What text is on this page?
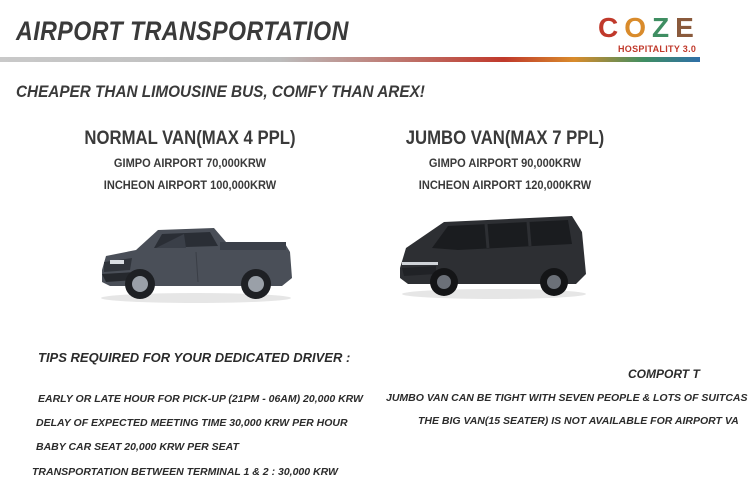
AIRPORT TRANSPORTATION	COZE
HOSPITALITY 3.0
CHEAPER THAN LIMOUSINE BUS, COMFY THAN AREX!
NORMAL VAN(MAX 4 PPL)
GIMPO AIRPORT 70,000KRW
INCHEON AIRPORT 100,000KRW
JUMBO VAN(MAX 7 PPL)
GIMPO AIRPORT 90,000KRW
INCHEON AIRPORT 120,000KRW
TIPS REQUIRED FOR YOUR DEDICATED DRIVER :
EARLY OR LATE HOUR FOR PICK-UP (21PM - 06AM) 20,000 KRW
DELAY OF EXPECTED MEETING TIME 30,000 KRW PER HOUR
BABY CAR SEAT 20,000 KRW PER SEAT
TRANSPORTATION BETWEEN TERMINAL 1 & 2 : 30,000 KRW
COMPORT T
JUMBO VAN CAN BE TIGHT WITH SEVEN PEOPLE & LOTS OF SUITCAS
THE BIG VAN(15 SEATER) IS NOT AVAILABLE FOR AIRPORT VA
